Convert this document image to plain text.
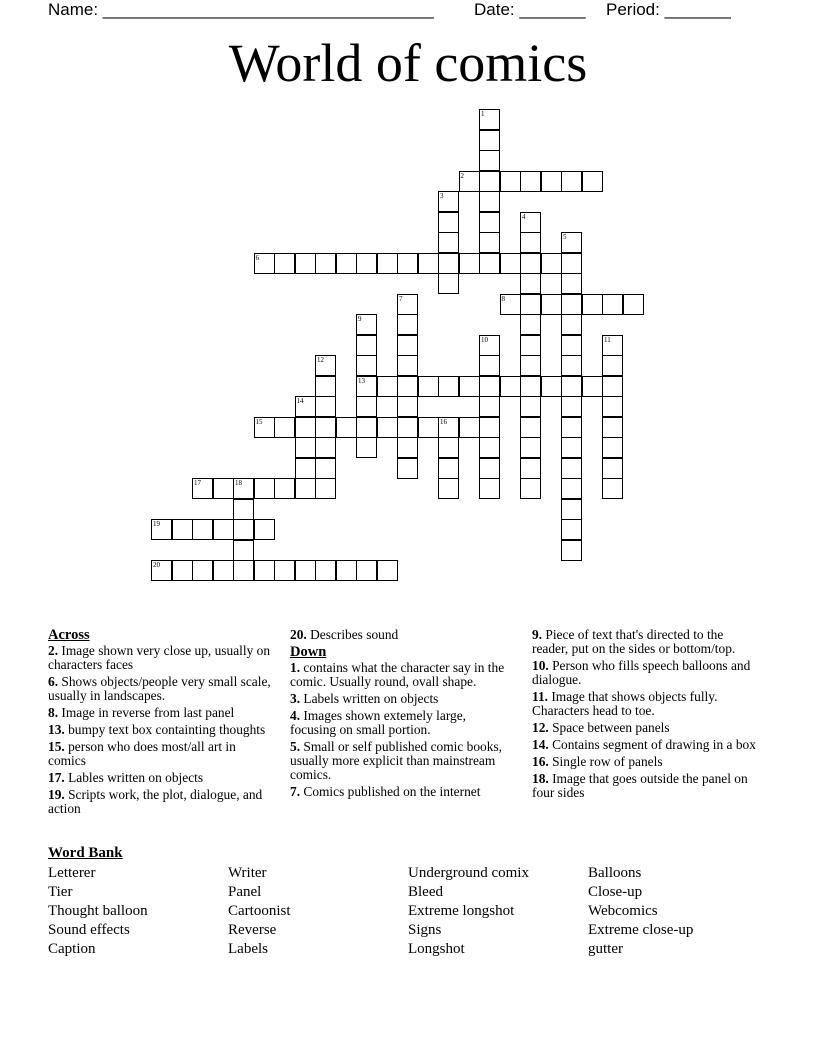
Name: ___________________________________ Date: _______ Period: _______
World of comics
1
2
3
4
5
6
7	8
9
10	11
12
13
14
15	16
17	18
19
20
Across
2. Image shown very close up, usually on characters faces
6. Shows objects/people very small scale, usually in landscapes.
8. Image in reverse from last panel
13. bumpy text box containting thoughts
15. person who does most/all art in comics
17. Lables written on objects
19. Scripts work, the plot, dialogue, and action
20. Describes sound
Down
1. contains what the character say in the comic. Usually round, ovall shape.
3. Labels written on objects
4. Images shown extemely large, focusing on small portion.
5. Small or self published comic books, usually more explicit than mainstream comics.
7. Comics published on the internet
9. Piece of text that's directed to the reader, put on the sides or bottom/top.
10. Person who fills speech balloons and dialogue.
11. Image that shows objects fully. Characters head to toe.
12. Space between panels
14. Contains segment of drawing in a box
16. Single row of panels
18. Image that goes outside the panel on four sides
Word Bank
Letterer
Tier
Thought balloon
Sound effects
Caption
Writer
Panel
Cartoonist
Reverse
Labels
Underground comix
Bleed
Extreme longshot
Signs
Longshot
Balloons
Close-up
Webcomics
Extreme close-up
gutter
